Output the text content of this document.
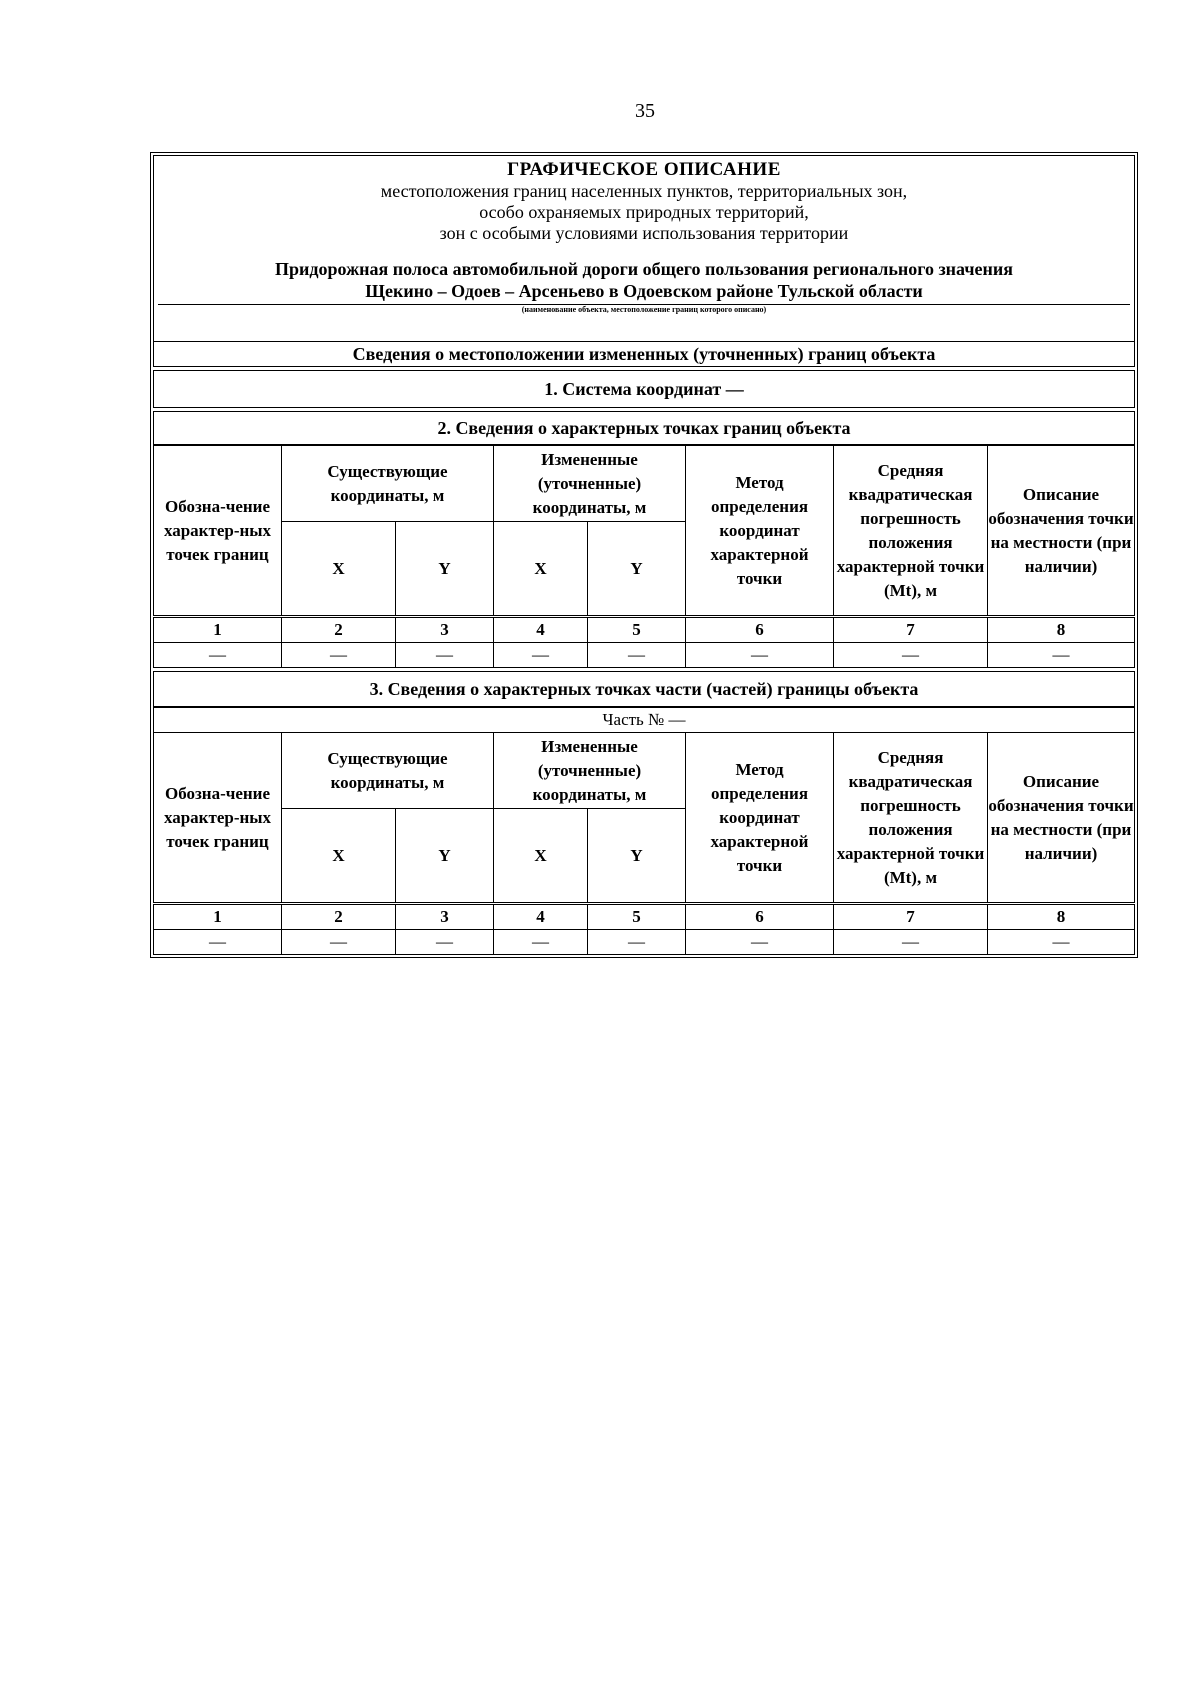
35
ГРАФИЧЕСКОЕ ОПИСАНИЕ
местоположения границ населенных пунктов, территориальных зон,
особо охраняемых природных территорий,
зон с особыми условиями использования территории
Придорожная полоса автомобильной дороги общего пользования регионального значения
Щекино – Одоев – Арсеньево в Одоевском районе Тульской области
(наименование объекта, местоположение границ которого описано)
Сведения о местоположении измененных (уточненных) границ объекта
1. Система координат —
2. Сведения о характерных точках границ объекта
Обозна-чение характер-ных точек границ	Существующие координаты, м		Измененные (уточненные) координаты, м		Метод определения координат характерной точки	Средняя квадратическая погрешность положения характерной точки (Mt), м	Описание обозначения точки на местности (при наличии)
	X	Y	X	Y			
1	2	3	4	5	6	7	8
—	—	—	—	—	—	—	—
3. Сведения о характерных точках части (частей) границы объекта
Часть № —							
Обозна-чение характер-ных точек границ	Существующие координаты, м		Измененные (уточненные) координаты, м		Метод определения координат характерной точки	Средняя квадратическая погрешность положения характерной точки (Mt), м	Описание обозначения точки на местности (при наличии)
	X	Y	X	Y			
1	2	3	4	5	6	7	8
—	—	—	—	—	—	—	—
